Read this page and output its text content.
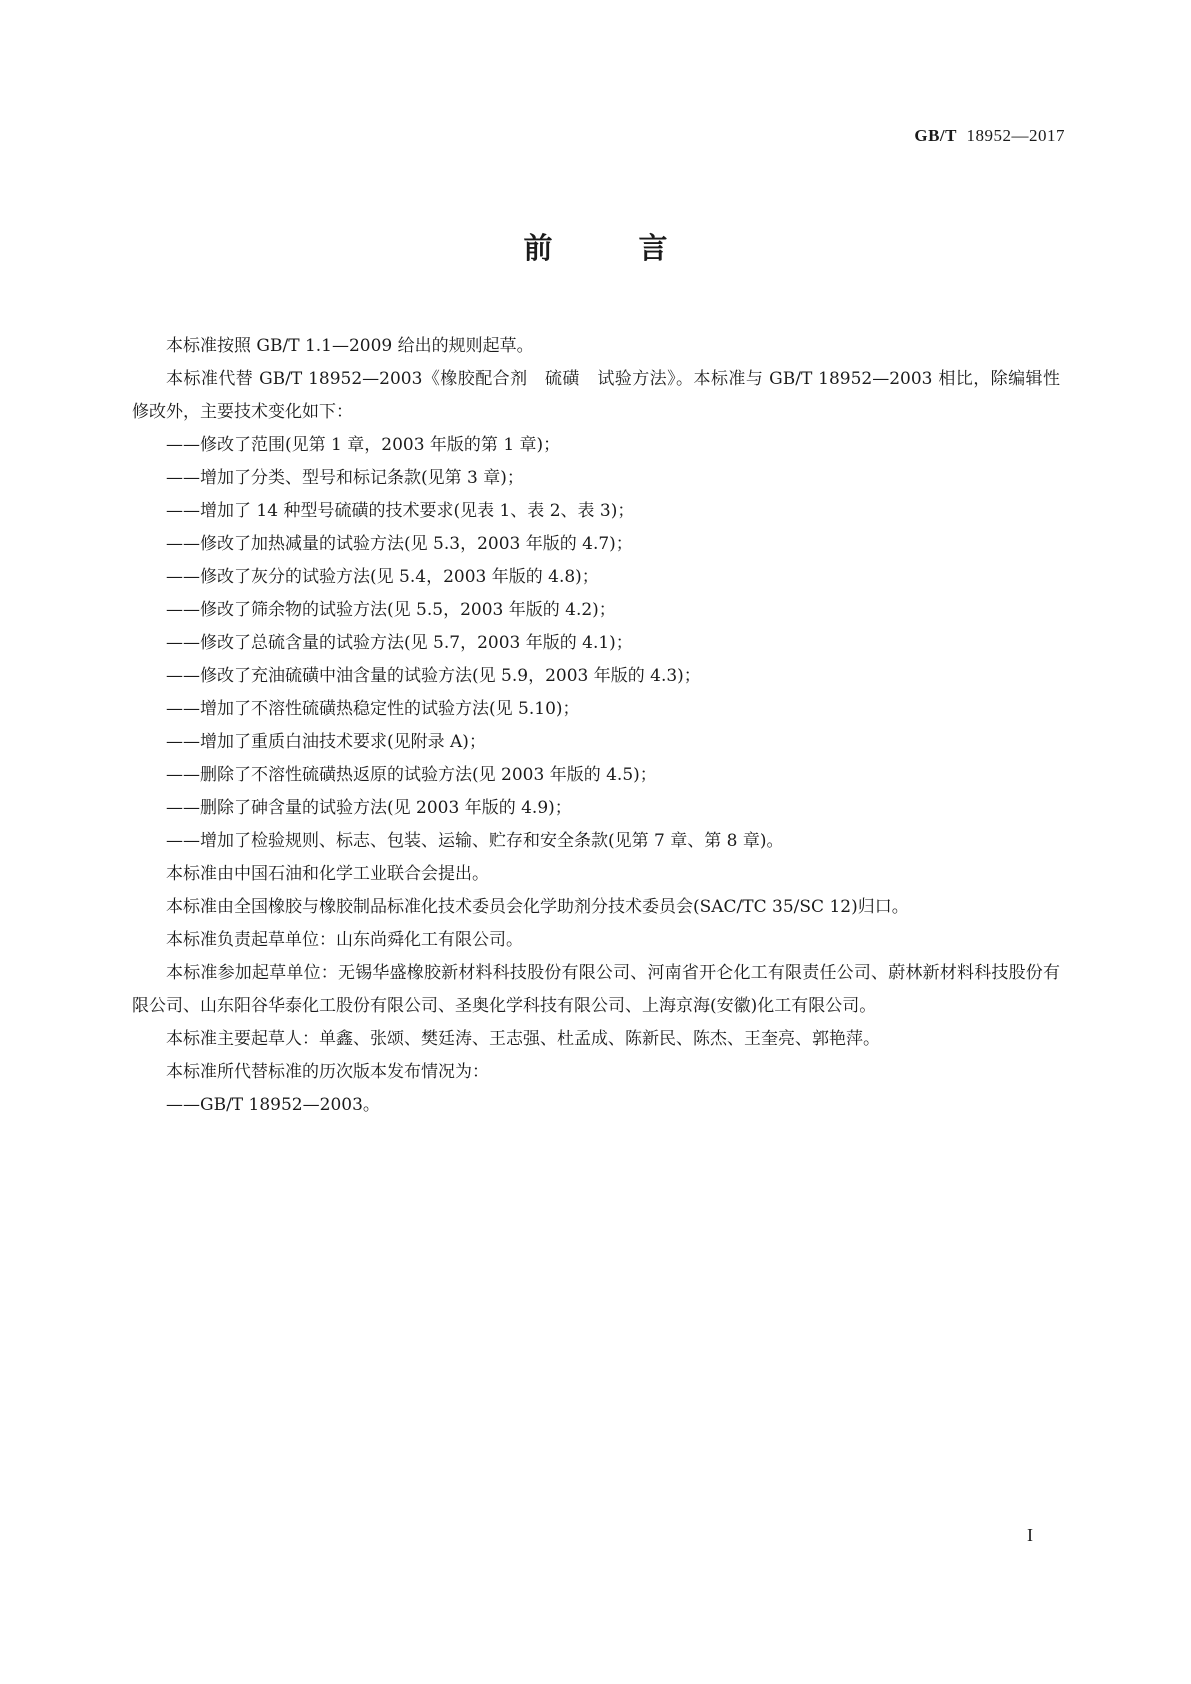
GB/T 18952—2017
前 言

本标准按照 GB/T 1.1—2009 给出的规则起草。

本标准代替 GB/T 18952—2003《橡胶配合剂　硫磺　试验方法》。本标准与 GB/T 18952—2003 相比，除编辑性修改外，主要技术变化如下：

——修改了范围(见第 1 章，2003 年版的第 1 章)；

——增加了分类、型号和标记条款(见第 3 章)；

——增加了 14 种型号硫磺的技术要求(见表 1、表 2、表 3)；

——修改了加热减量的试验方法(见 5.3，2003 年版的 4.7)；

——修改了灰分的试验方法(见 5.4，2003 年版的 4.8)；

——修改了筛余物的试验方法(见 5.5，2003 年版的 4.2)；

——修改了总硫含量的试验方法(见 5.7，2003 年版的 4.1)；

——修改了充油硫磺中油含量的试验方法(见 5.9，2003 年版的 4.3)；

——增加了不溶性硫磺热稳定性的试验方法(见 5.10)；

——增加了重质白油技术要求(见附录 A)；

——删除了不溶性硫磺热返原的试验方法(见 2003 年版的 4.5)；

——删除了砷含量的试验方法(见 2003 年版的 4.9)；

——增加了检验规则、标志、包装、运输、贮存和安全条款(见第 7 章、第 8 章)。

本标准由中国石油和化学工业联合会提出。

本标准由全国橡胶与橡胶制品标准化技术委员会化学助剂分技术委员会(SAC/TC 35/SC 12)归口。

本标准负责起草单位：山东尚舜化工有限公司。

本标准参加起草单位：无锡华盛橡胶新材料科技股份有限公司、河南省开仑化工有限责任公司、蔚林新材料科技股份有限公司、山东阳谷华泰化工股份有限公司、圣奥化学科技有限公司、上海京海(安徽)化工有限公司。

本标准主要起草人：单鑫、张颂、樊廷涛、王志强、杜孟成、陈新民、陈杰、王奎亮、郭艳萍。

本标准所代替标准的历次版本发布情况为：

——GB/T 18952—2003。

I
